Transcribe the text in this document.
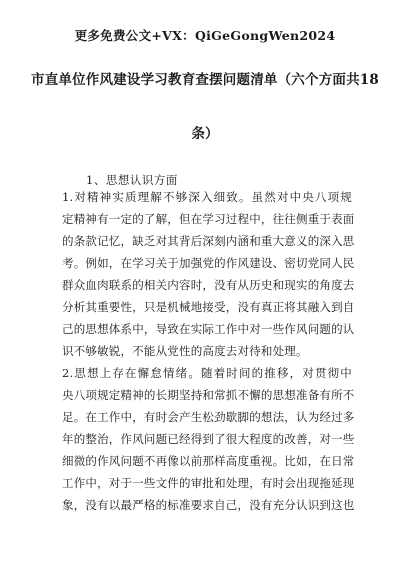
更多免费公文+VX：QiGeGongWen2024
市直单位作风建设学习教育查摆问题清单（六个方面共18
条）
1、思想认识方面
1.对精神实质理解不够深入细致。虽然对中央八项规
定精神有一定的了解，但在学习过程中，往往侧重于表面
的条款记忆，缺乏对其背后深刻内涵和重大意义的深入思
考。例如，在学习关于加强党的作风建设、密切党同人民
群众血肉联系的相关内容时，没有从历史和现实的角度去
分析其重要性，只是机械地接受，没有真正将其融入到自
己的思想体系中，导致在实际工作中对一些作风问题的认
识不够敏锐，不能从党性的高度去对待和处理。
2.思想上存在懈怠情绪。随着时间的推移，对贯彻中
央八项规定精神的长期坚持和常抓不懈的思想准备有所不
足。在工作中，有时会产生松劲歇脚的想法，认为经过多
年的整治，作风问题已经得到了很大程度的改善，对一些
细微的作风问题不再像以前那样高度重视。比如，在日常
工作中，对于一些文件的审批和处理，有时会出现拖延现
象，没有以最严格的标准要求自己，没有充分认识到这也
